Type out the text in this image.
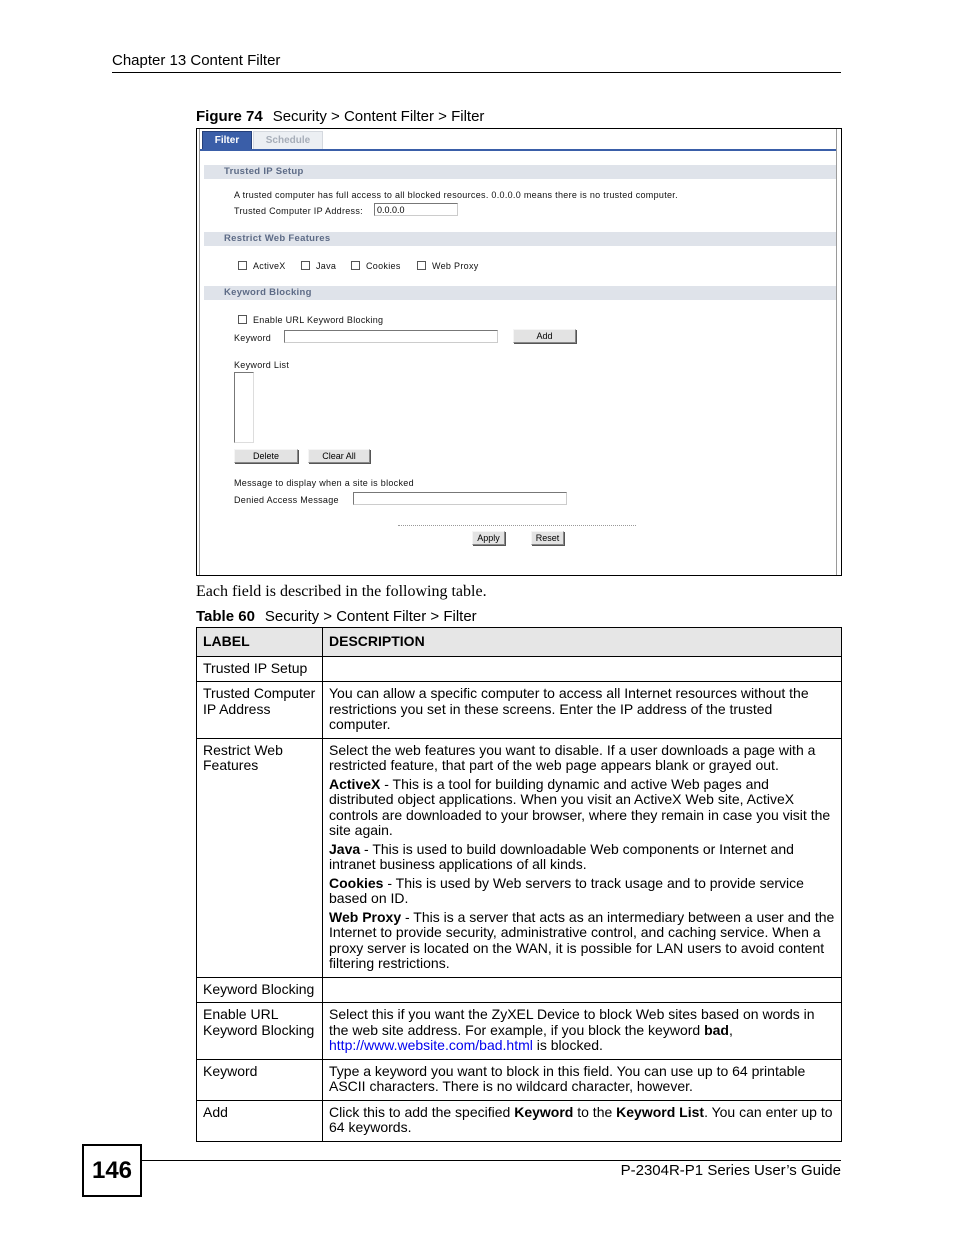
Chapter 13 Content Filter
Figure 74 Security > Content Filter > Filter
Filter	Schedule
Trusted IP Setup
A trusted computer has full access to all blocked resources. 0.0.0.0 means there is no trusted computer.
Trusted Computer IP Address:	0.0.0.0
Restrict Web Features
ActiveX	Java	Cookies	Web Proxy
Keyword Blocking
Enable URL Keyword Blocking
Keyword	Add
Keyword List
Delete	Clear All
Message to display when a site is blocked
Denied Access Message
Apply	Reset
Each field is described in the following table.
Table 60 Security > Content Filter > Filter
LABEL	DESCRIPTION
Trusted IP Setup	
Trusted Computer IP Address	You can allow a specific computer to access all Internet resources without the restrictions you set in these screens. Enter the IP address of the trusted computer.
Restrict Web Features	Select the web features you want to disable. If a user downloads a page with a restricted feature, that part of the web page appears blank or grayed out.

ActiveX - This is a tool for building dynamic and active Web pages and distributed object applications. When you visit an ActiveX Web site, ActiveX controls are downloaded to your browser, where they remain in case you visit the site again.

Java - This is used to build downloadable Web components or Internet and intranet business applications of all kinds.

Cookies - This is used by Web servers to track usage and to provide service based on ID.

Web Proxy - This is a server that acts as an intermediary between a user and the Internet to provide security, administrative control, and caching service. When a proxy server is located on the WAN, it is possible for LAN users to avoid content filtering restrictions.

Keyword Blocking	
Enable URL Keyword Blocking	Select this if you want the ZyXEL Device to block Web sites based on words in the web site address. For example, if you block the keyword bad, http://www.website.com/bad.html is blocked.
Keyword	Type a keyword you want to block in this field. You can use up to 64 printable ASCII characters. There is no wildcard character, however.
Add	Click this to add the specified Keyword to the Keyword List. You can enter up to 64 keywords.
146	P-2304R-P1 Series User’s Guide
